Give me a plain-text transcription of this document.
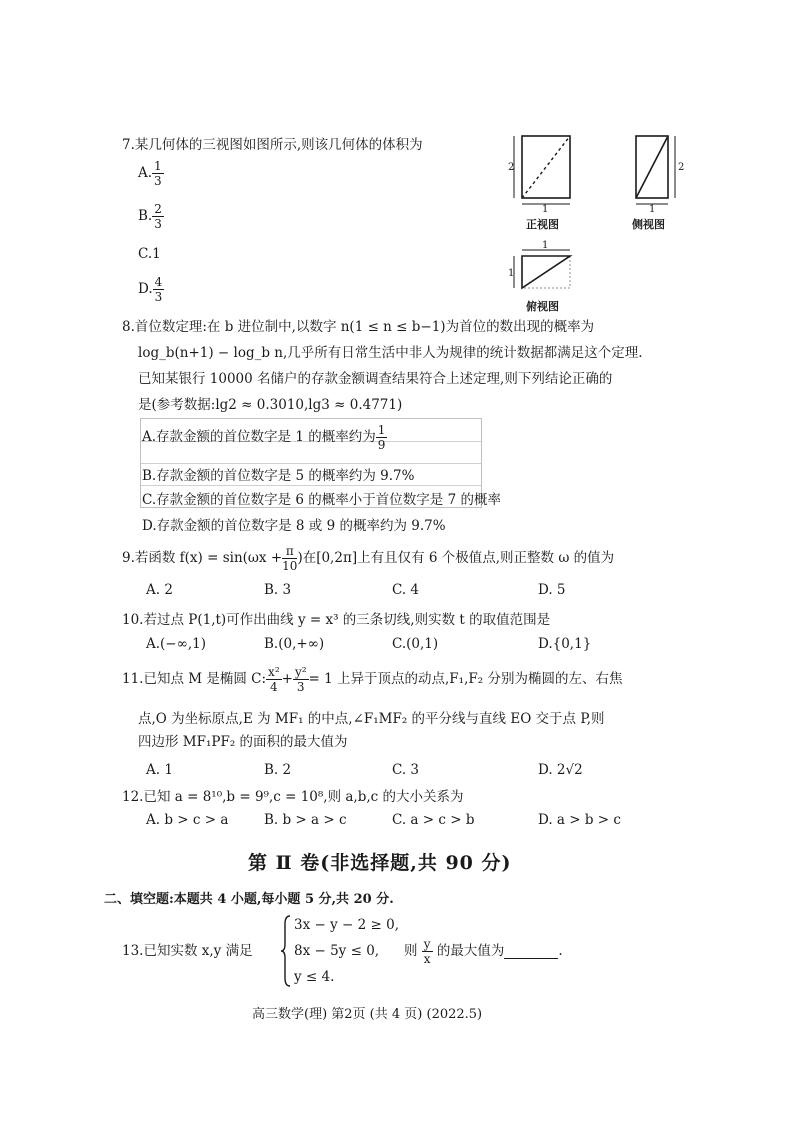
7.某几何体的三视图如图所示,则该几何体的体积为
A. $\frac{1}{3}$
B. $\frac{2}{3}$
C.1
D. $\frac{4}{3}$
2
1
正视图
2
1
侧视图
1
1
俯视图
8.首位数定理:在 b 进位制中,以数字 n(1 ≤ n ≤ b−1)为首位的数出现的概率为
log_b(n+1) − log_b n,几乎所有日常生活中非人为规律的统计数据都满足这个定理.
已知某银行 10000 名储户的存款金额调查结果符合上述定理,则下列结论正确的
是(参考数据:lg2 ≈ 0.3010,lg3 ≈ 0.4771)
A.存款金额的首位数字是 1 的概率约为 $\frac{1}{9}$
B.存款金额的首位数字是 5 的概率约为 9.7%
C.存款金额的首位数字是 6 的概率小于首位数字是 7 的概率
D.存款金额的首位数字是 8 或 9 的概率约为 9.7%
9.若函数 $f(x) = \sin(\omega x + \frac{\pi}{10}$ )在[0,2π]上有且仅有 6 个极值点,则正整数 ω 的值为
A. 2	B. 3	C. 4	D. 5
10.若过点 P(1,t)可作出曲线 y = x³ 的三条切线,则实数 t 的取值范围是
A.(−∞,1)	B.(0,+∞)	C.(0,1)	D.{0,1}
11.已知点 M 是椭圆 C: $\frac{\text{x²}}{4} + \frac{\text{y²}}{3} = 1$ 上异于顶点的动点,F₁,F₂ 分别为椭圆的左、右焦
点,O 为坐标原点,E 为 MF₁ 的中点,∠F₁MF₂ 的平分线与直线 EO 交于点 P,则
四边形 MF₁PF₂ 的面积的最大值为
A. 1	B. 2	C. 3	D. 2√2
12.已知 a = 8¹⁰,b = 9⁹,c = 10⁸,则 a,b,c 的大小关系为
A. b > c > a	B. b > a > c	C. a > c > b	D. a > b > c
第 Ⅱ 卷(非选择题,共 90 分)
二、填空题:本题共 4 小题,每小题 5 分,共 20 分.
13.已知实数 x,y 满足
3x − y − 2 ≥ 0,
8x − 5y ≤ 0,
y ≤ 4.
则 $\frac{y}{x}$ 的最大值为	.
高三数学(理) 第2页 (共 4 页) (2022.5)
